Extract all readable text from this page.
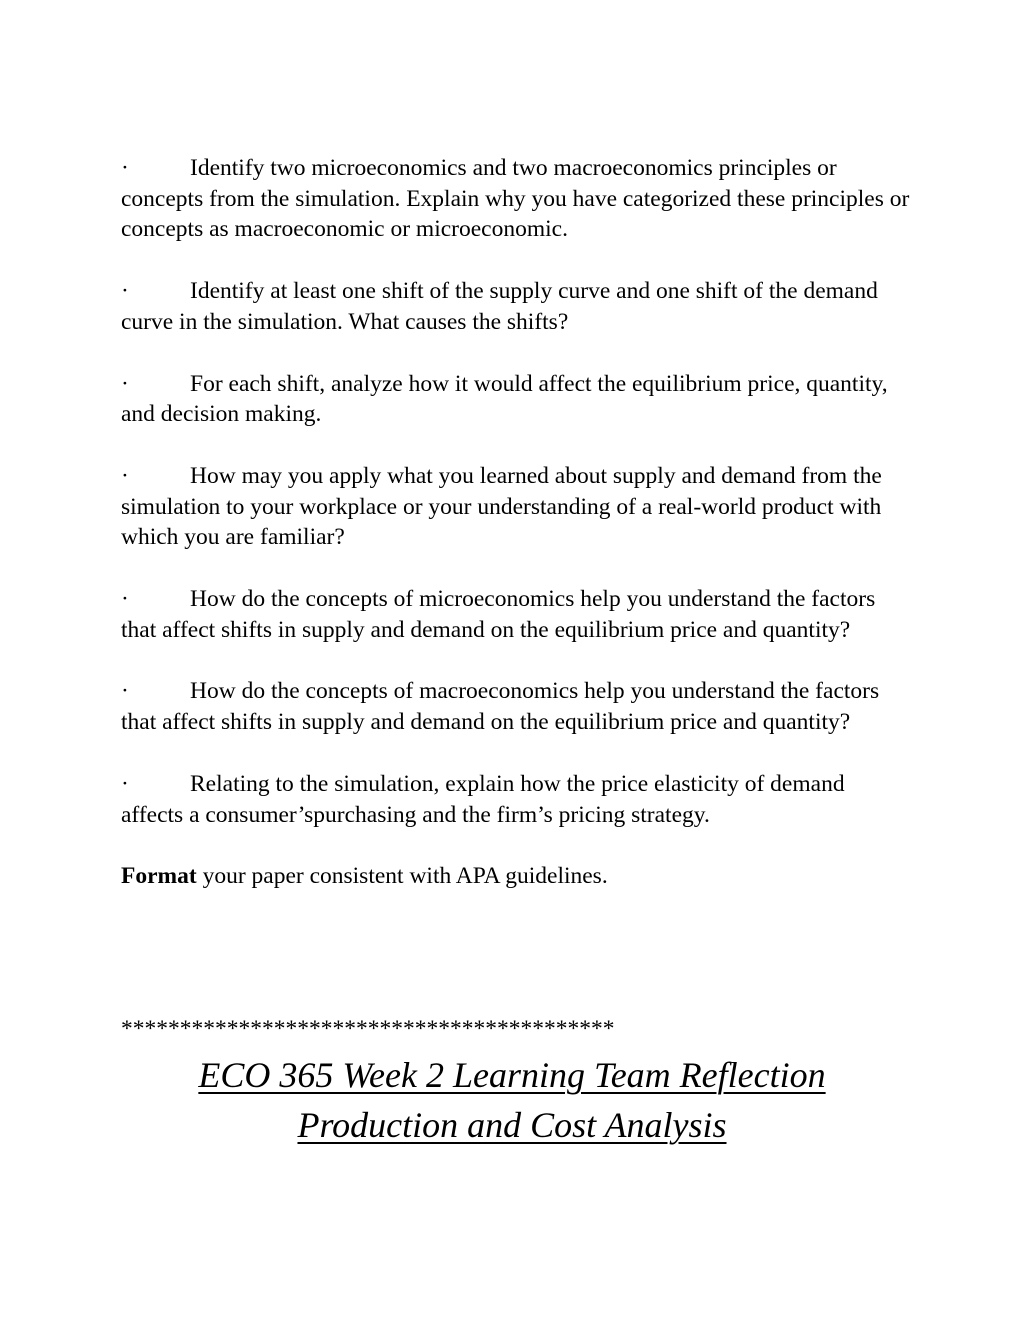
·	Identify two microeconomics and two macroeconomics principles or concepts from the simulation. Explain why you have categorized these principles or concepts as macroeconomic or microeconomic.

·	Identify at least one shift of the supply curve and one shift of the demand curve in the simulation. What causes the shifts?

·	For each shift, analyze how it would affect the equilibrium price, quantity, and decision making.

·	How may you apply what you learned about supply and demand from the simulation to your workplace or your understanding of a real-world product with which you are familiar?

·	How do the concepts of microeconomics help you understand the factors that affect shifts in supply and demand on the equilibrium price and quantity?

·	How do the concepts of macroeconomics help you understand the factors that affect shifts in supply and demand on the equilibrium price and quantity?

·	Relating to the simulation, explain how the price elasticity of demand affects a consumer’spurchasing and the firm’s pricing strategy.

Format your paper consistent with APA guidelines.

******************************************
ECO 365 Week 2 Learning Team Reflection
Production and Cost Analysis
